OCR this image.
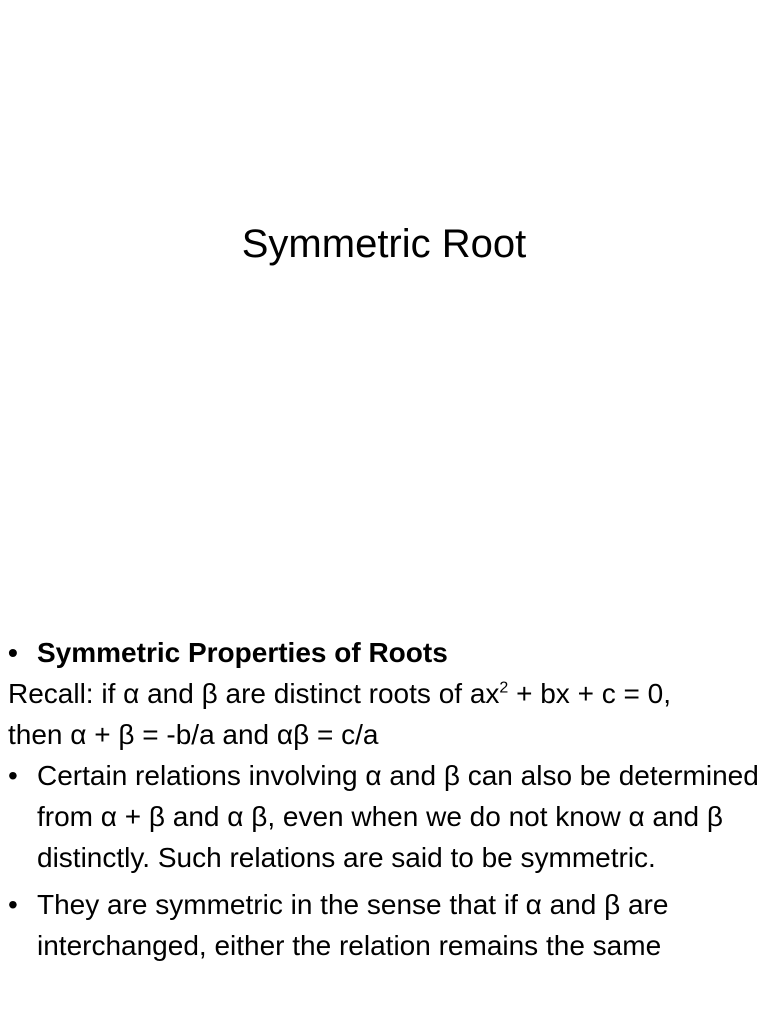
Symmetric Root
• Symmetric Properties of Roots
Recall: if α and β are distinct roots of $ax^2$ + bx + c = 0,
then α + β = -b/a and αβ = c/a
• Certain relations involving α and β can also be determined from α + β and α β, even when we do not know α and β distinctly. Such relations are said to be symmetric.
• They are symmetric in the sense that if α and β are interchanged, either the relation remains the same
